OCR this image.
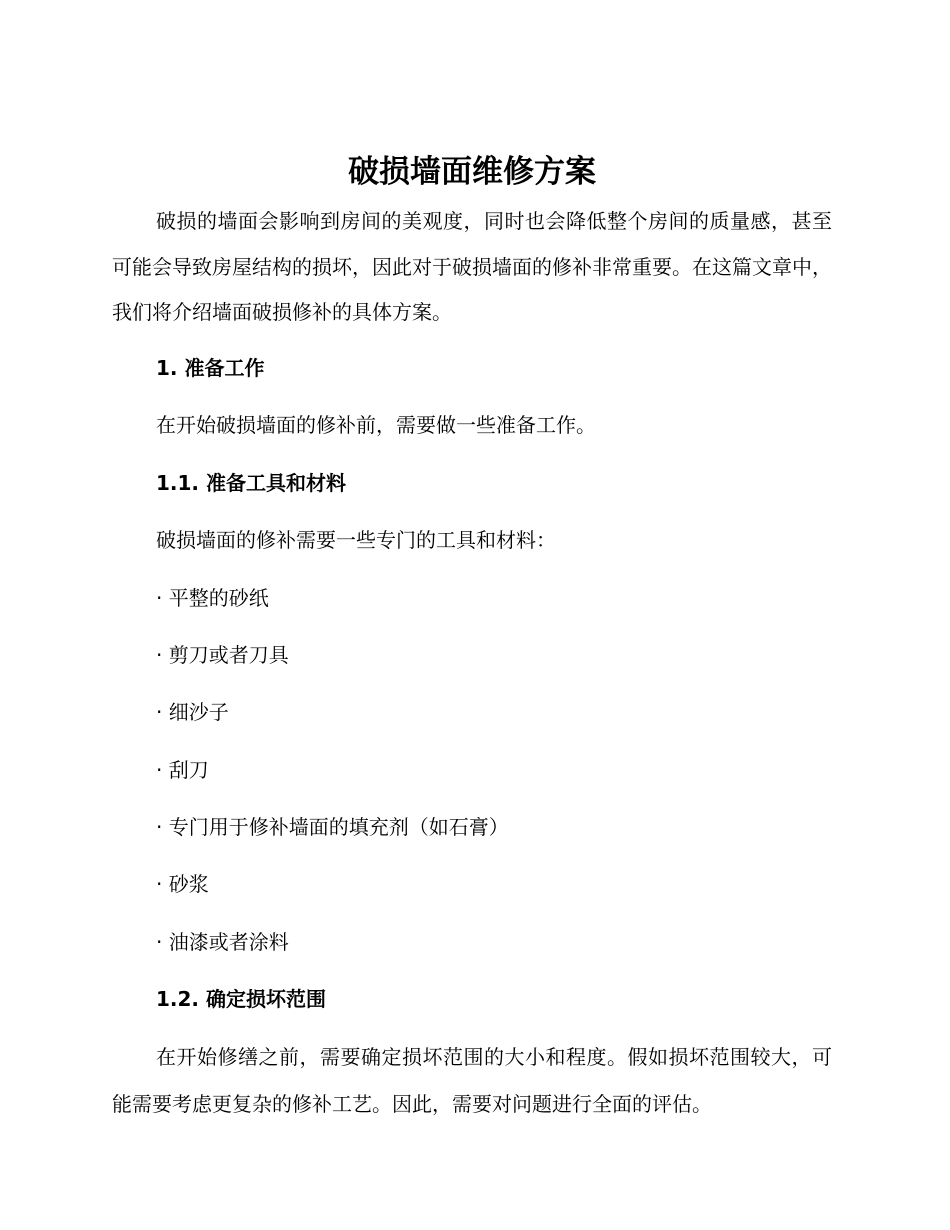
破损墙面维修方案

破损的墙面会影响到房间的美观度，同时也会降低整个房间的质量感，甚至可能会导致房屋结构的损坏，因此对于破损墙面的修补非常重要。在这篇文章中，我们将介绍墙面破损修补的具体方案。

1. 准备工作

在开始破损墙面的修补前，需要做一些准备工作。

1.1. 准备工具和材料

破损墙面的修补需要一些专门的工具和材料：

· 平整的砂纸

· 剪刀或者刀具

· 细沙子

· 刮刀

· 专门用于修补墙面的填充剂（如石膏）

· 砂浆

· 油漆或者涂料

1.2. 确定损坏范围

在开始修缮之前，需要确定损坏范围的大小和程度。假如损坏范围较大，可能需要考虑更复杂的修补工艺。因此，需要对问题进行全面的评估。
